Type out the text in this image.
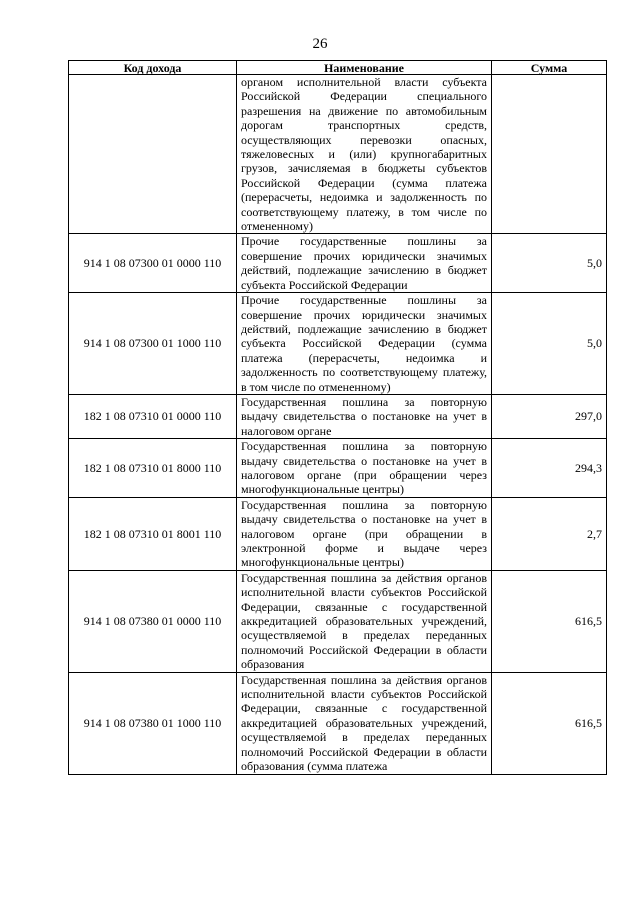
26
Код дохода	Наименование	Сумма
	органом исполнительной власти субъекта Российской Федерации специального разрешения на движение по автомобильным дорогам транспортных средств, осуществляющих перевозки опасных, тяжеловесных и (или) крупногабаритных грузов, зачисляемая в бюджеты субъектов Российской Федерации (сумма платежа (перерасчеты, недоимка и задолженность по соответствующему платежу, в том числе по отмененному)	
914 1 08 07300 01 0000 110	Прочие государственные пошлины за совершение прочих юридически значимых действий, подлежащие зачислению в бюджет субъекта Российской Федерации	5,0
914 1 08 07300 01 1000 110	Прочие государственные пошлины за совершение прочих юридически значимых действий, подлежащие зачислению в бюджет субъекта Российской Федерации (сумма платежа (перерасчеты, недоимка и задолженность по соответствующему платежу, в том числе по отмененному)	5,0
182 1 08 07310 01 0000 110	Государственная пошлина за повторную выдачу свидетельства о постановке на учет в налоговом органе	297,0
182 1 08 07310 01 8000 110	Государственная пошлина за повторную выдачу свидетельства о постановке на учет в налоговом органе (при обращении через многофункциональные центры)	294,3
182 1 08 07310 01 8001 110	Государственная пошлина за повторную выдачу свидетельства о постановке на учет в налоговом органе (при обращении в электронной форме и выдаче через многофункциональные центры)	2,7
914 1 08 07380 01 0000 110	Государственная пошлина за действия органов исполнительной власти субъектов Российской Федерации, связанные с государственной аккредитацией образовательных учреждений, осуществляемой в пределах переданных полномочий Российской Федерации в области образования	616,5
914 1 08 07380 01 1000 110	Государственная пошлина за действия органов исполнительной власти субъектов Российской Федерации, связанные с государственной аккредитацией образовательных учреждений, осуществляемой в пределах переданных полномочий Российской Федерации в области образования (сумма платежа	616,5
